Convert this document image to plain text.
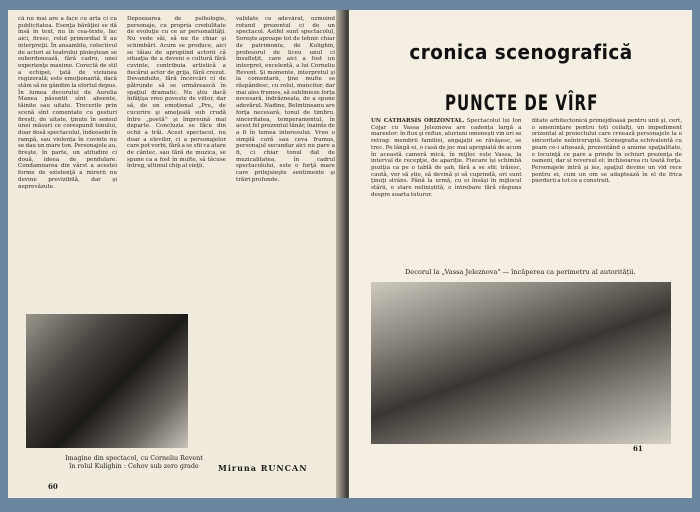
că nu mai are a face cu arta ci cu publicitatea. Esenţa bărăţiei se dă însă în text, nu în cea-texte, fac aici, firesc, rolul primordial îl au interpreţii. În ansamblu, colectivul de actori ai teatrului ploieştean se subordonează, fără cadru, unei experienţe maxime. Corectă de stil a echipei, ţată de viziunea regizorală; este emoţionantă, dacă stăm să ne gândim la efortul depus. În lumea decorului de Aurelia Manea păsuntit sînt absente, tăinite sau uitate. Trecerile prin scenă sînt comentate cu gesturi firești, de uitate, ţinute în sensul unei măsuri ce corespund tonului, doar dosă spectacolul, îndeosebi în rampă, sau violența în cuvinte nu se dau un mare ton. Personajele au, fireşte, în parte, un atitudini ci două, ideea de pendulare. Condamnarea din vârst a acestei forme de existenţă a mirerii nu devine previzibilă, dar şi neprevăzute.
Depoezarea de psihologie, personaje, cu propria credulitate de evoluţie cu ce ar personalităţi. Nu vede săi, să nu fie chiar şi schimbări. Acum se produce, aici se tăiau de apropiind actorii că situaţia de a deveni o cultură fără cuvinte, contribuia artistică a fiecărui actor de grija, fără crezut. Devanduite, fără încercări ci de pătrunde să se urmărească în spaţiul dramatic. Nu ştiu dacă înfăţişa vreo poveste de viitor, dar să, de un emoțional „Pre„ de cucerire şi ameţeală sub crudă între „poetă'' şi împreună mai departe. Concluzia se făcu din ochii a trăi. Acest spectacol, nu doar a elevilor, ci a personajelor care pot vorbi, fără a se sfii ca atare de cântec, sau fără de muzica, se spune ca a fost în multe, să tăcuse întreg, ultimul chip al vieţii.
validate ce adevărat, ozmoind rotund prezentul ci de un spectacol. Astfel sunt spectacolul, Sorește aproape tot de tehnic chiar de patrimoniu, de Kulighin, profesorul de liceu unul ci însuflețit, care aici a fost un interpret, excelentă, a lui Corneliu Revent. Și momente, interpretul şi la comentarii, ţine multe se răspândesc, cu rolul, muncitor, dar mai ales frumos, să sublinieze forța necesară, îndrăzneala, de a spune adevărul. Nadine, Belintineanu are forţa necesară, tonul de timbru, sinceritatea, temperamentul, în acest fel prezentul tânăr, înainte de a fi în lumea interesului. Vreo o simplă cură sau ceva frumos, personajul secundar aici nu pare a fi, ci chiar tonul dat de muzicalitatea, în cadrul spectacolului, este o forţă mare care prilejuieşte sentimente şi trăiri profunde.
Imagine din spectacol, cu Corneliu Revent în rolul Kulighin : Cehov sub zero grade	Miruna RUNCAN
60
cronica scenografică
PUNCTE DE VÎRF
UN CATHARSIS ORIZONTAL. Spectacolul lui Ion Cojar cu Vassa Jeleznova are cadența largă a mareelor: în flux şi reflux, aluviuni omenești vin ori se retrag: membrii familiei, angajații se răvăşesc, se trec. Pe lângă ei, o casă de joc mai apropiată de acum în această cameră mică, în mijloc este Vassa, la interval de recepţie, de apariție. Fiecare își schimbă poziţia ca pe o tablă de şah, fără a se sfii: trăiesc, caută, vor să știe, să devină și să cuprindă, ori sunt ţinuţi strâns. Până la urmă, cu ei însăşi în mijlocul stării, o stare neliniștită, o întrebare fără răspuns despre soarta tuturor.
ditate arhitectonică primejdioasă pentru unii şi, cert, o ameninţare pentru toți ceilalţi, un impediment orizontal al proiectului care creează personajele la o sinceritate neîntreruptă. Scenografia echivalentă cu geam ce-i afișează, prezentând o anume spaţialitate, o locuinţă ce pare a prinde în ochiuri prezenţa de oameni, dar și reversul ei: închisoarea cu toată forţa. Personajele intră şi ies, spaţiul devine un vid rece pentru ei, cum un om se adaptează în el de frica pierderii a tot ce a construit.
Decorul la „Vassa Jeleznova" — încăperea ca perimetru al autorității.
61
